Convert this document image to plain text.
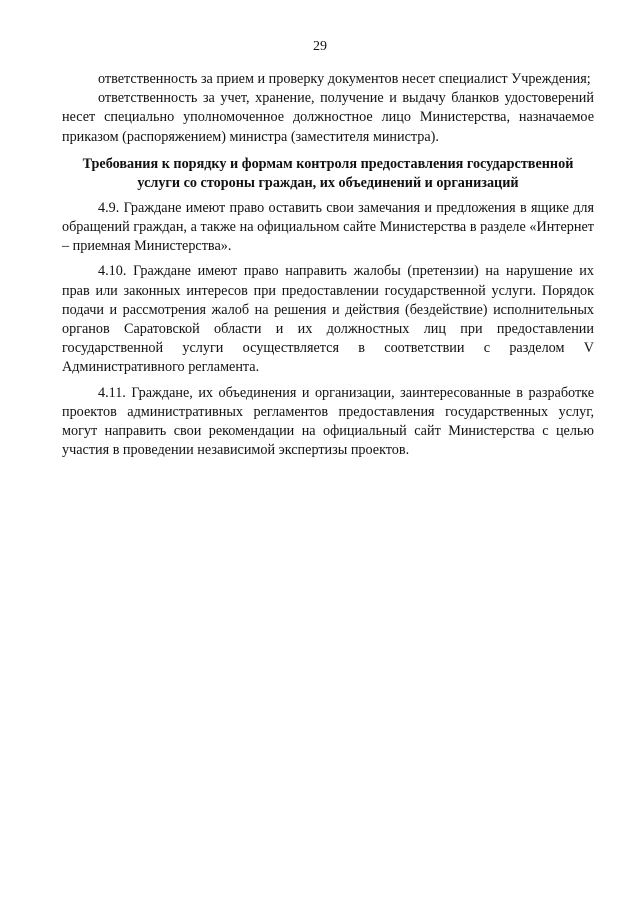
29

ответственность за прием и проверку документов несет специалист Учреждения;

ответственность за учет, хранение, получение и выдачу бланков удостоверений несет специально уполномоченное должностное лицо Министерства, назначаемое приказом (распоряжением) министра (заместителя министра).

Требования к порядку и формам контроля предоставления государственной услуги со стороны граждан, их объединений и организаций

4.9. Граждане имеют право оставить свои замечания и предложения в ящике для обращений граждан, а также на официальном сайте Министерства в разделе «Интернет – приемная Министерства».

4.10. Граждане имеют право направить жалобы (претензии) на нарушение их прав или законных интересов при предоставлении государственной услуги. Порядок подачи и рассмотрения жалоб на решения и действия (бездействие) исполнительных органов Саратовской области и их должностных лиц при предоставлении государственной услуги осуществляется в соответствии с разделом V Административного регламента.

4.11. Граждане, их объединения и организации, заинтересованные в разработке проектов административных регламентов предоставления государственных услуг, могут направить свои рекомендации на официальный сайт Министерства с целью участия в проведении независимой экспертизы проектов.
